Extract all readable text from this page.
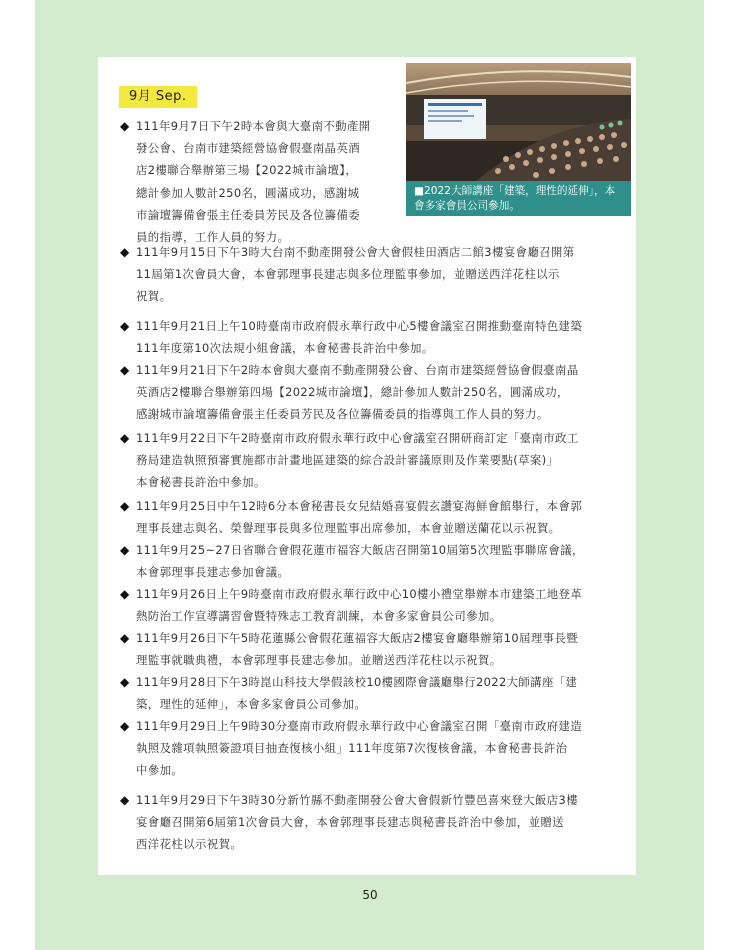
9月 Sep.
■2022大師講座「建築，理性的延伸」，本會多家會員公司參加。
◆ 111年9月7日下午2時本會與大臺南不動產開
發公會、台南市建築經營協會假臺南晶英酒
店2樓聯合舉辦第三場【2022城市論壇】，
總計參加人數計250名，圓滿成功，感謝城
市論壇籌備會張主任委員芳民及各位籌備委
員的指導，工作人員的努力。
◆ 111年9月15日下午3時大台南不動產開發公會大會假桂田酒店二館3樓宴會廳召開第
11屆第1次會員大會，本會郭理事長建志與多位理監事參加，並贈送西洋花柱以示
祝賀。
◆ 111年9月21日上午10時臺南市政府假永華行政中心5樓會議室召開推動臺南特色建築
111年度第10次法規小組會議，本會秘書長許治中參加。
◆ 111年9月21日下午2時本會與大臺南不動產開發公會、台南市建築經營協會假臺南晶
英酒店2樓聯合舉辦第四場【2022城市論壇】，總計參加人數計250名，圓滿成功，
感謝城市論壇籌備會張主任委員芳民及各位籌備委員的指導與工作人員的努力。
◆ 111年9月22日下午2時臺南市政府假永華行政中心會議室召開研商訂定「臺南市政工
務局建造執照預審實施都市計畫地區建築的綜合設計審議原則及作業要點(草案)」
本會秘書長許治中參加。
◆ 111年9月25日中午12時6分本會秘書長女兒結婚喜宴假玄讚宴海鮮會館舉行，本會郭
理事長建志與名、榮譽理事長與多位理監事出席參加，本會並贈送蘭花以示祝賀。
◆ 111年9月25~27日省聯合會假花蓮市福容大飯店召開第10屆第5次理監事聯席會議，
本會郭理事長建志參加會議。
◆ 111年9月26日上午9時臺南市政府假永華行政中心10樓小禮堂舉辦本市建築工地登革
熱防治工作宣導講習會暨特殊志工教育訓練，本會多家會員公司參加。
◆ 111年9月26日下午5時花蓮縣公會假花蓮福容大飯店2樓宴會廳舉辦第10屆理事長暨
理監事就職典禮，本會郭理事長建志參加。並贈送西洋花柱以示祝賀。
◆ 111年9月28日下午3時崑山科技大學假該校10樓國際會議廳舉行2022大師講座「建
築，理性的延伸」，本會多家會員公司參加。
◆ 111年9月29日上午9時30分臺南市政府假永華行政中心會議室召開「臺南市政府建造
執照及雜項執照簽證項目抽查復核小組」111年度第7次復核會議，本會秘書長許治
中參加。
◆ 111年9月29日下午3時30分新竹縣不動產開發公會大會假新竹豐邑喜來登大飯店3樓
宴會廳召開第6屆第1次會員大會，本會郭理事長建志與秘書長許治中參加，並贈送
西洋花柱以示祝賀。
50
